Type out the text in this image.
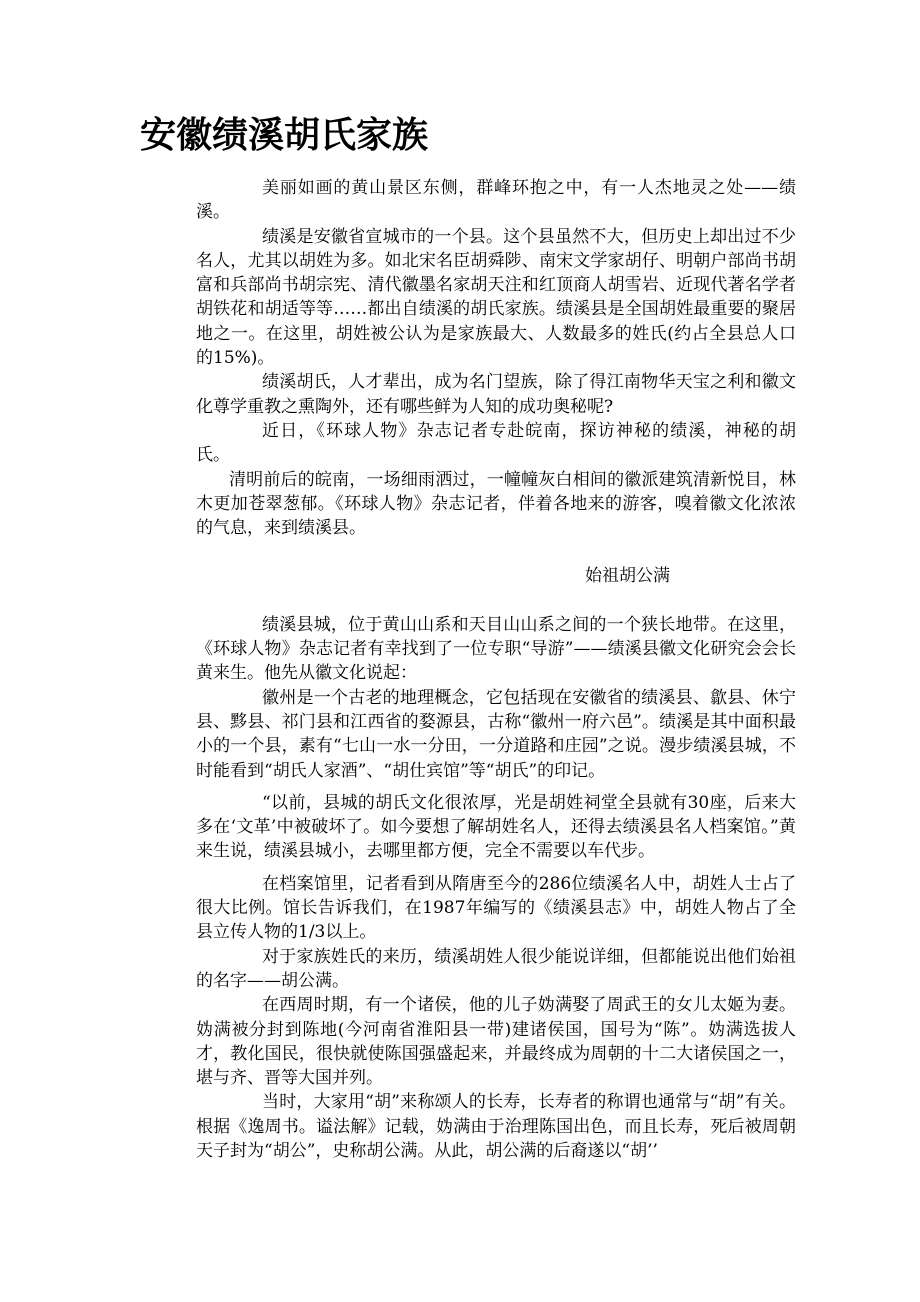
安徽绩溪胡氏家族

美丽如画的黄山景区东侧，群峰环抱之中，有一人杰地灵之处——绩溪。

绩溪是安徽省宣城市的一个县。这个县虽然不大，但历史上却出过不少名人，尤其以胡姓为多。如北宋名臣胡舜陟、南宋文学家胡仔、明朝户部尚书胡富和兵部尚书胡宗宪、清代徽墨名家胡天注和红顶商人胡雪岩、近现代著名学者胡铁花和胡适等等……都出自绩溪的胡氏家族。绩溪县是全国胡姓最重要的聚居地之一。在这里，胡姓被公认为是家族最大、人数最多的姓氏(约占全县总人口的15%)。

绩溪胡氏，人才辈出，成为名门望族，除了得江南物华天宝之利和徽文化尊学重教之熏陶外，还有哪些鲜为人知的成功奥秘呢?

近日，《环球人物》杂志记者专赴皖南，探访神秘的绩溪，神秘的胡氏。

清明前后的皖南，一场细雨洒过，一幢幢灰白相间的徽派建筑清新悦目，林木更加苍翠葱郁。《环球人物》杂志记者，伴着各地来的游客，嗅着徽文化浓浓的气息，来到绩溪县。

始祖胡公满

绩溪县城，位于黄山山系和天目山山系之间的一个狭长地带。在这里，《环球人物》杂志记者有幸找到了一位专职“导游”——绩溪县徽文化研究会会长黄来生。他先从徽文化说起：

徽州是一个古老的地理概念，它包括现在安徽省的绩溪县、歙县、休宁县、黟县、祁门县和江西省的婺源县，古称“徽州一府六邑”。绩溪是其中面积最小的一个县，素有“七山一水一分田，一分道路和庄园”之说。漫步绩溪县城，不时能看到“胡氏人家酒”、“胡仕宾馆”等“胡氏”的印记。

“以前，县城的胡氏文化很浓厚，光是胡姓祠堂全县就有30座，后来大多在‘文革’中被破坏了。如今要想了解胡姓名人，还得去绩溪县名人档案馆。”黄来生说，绩溪县城小，去哪里都方便，完全不需要以车代步。

在档案馆里，记者看到从隋唐至今的286位绩溪名人中，胡姓人士占了很大比例。馆长告诉我们，在1987年编写的《绩溪县志》中，胡姓人物占了全县立传人物的1/3以上。

对于家族姓氏的来历，绩溪胡姓人很少能说详细，但都能说出他们始祖的名字——胡公满。

在西周时期，有一个诸侯，他的儿子妫满娶了周武王的女儿太姬为妻。妫满被分封到陈地(今河南省淮阳县一带)建诸侯国，国号为“陈”。妫满选拔人才，教化国民，很快就使陈国强盛起来，并最终成为周朝的十二大诸侯国之一，堪与齐、晋等大国并列。

当时，大家用“胡”来称颂人的长寿，长寿者的称谓也通常与“胡”有关。根据《逸周书。谥法解》记载，妫满由于治理陈国出色，而且长寿，死后被周朝天子封为“胡公”，史称胡公满。从此，胡公满的后裔遂以“胡’’
